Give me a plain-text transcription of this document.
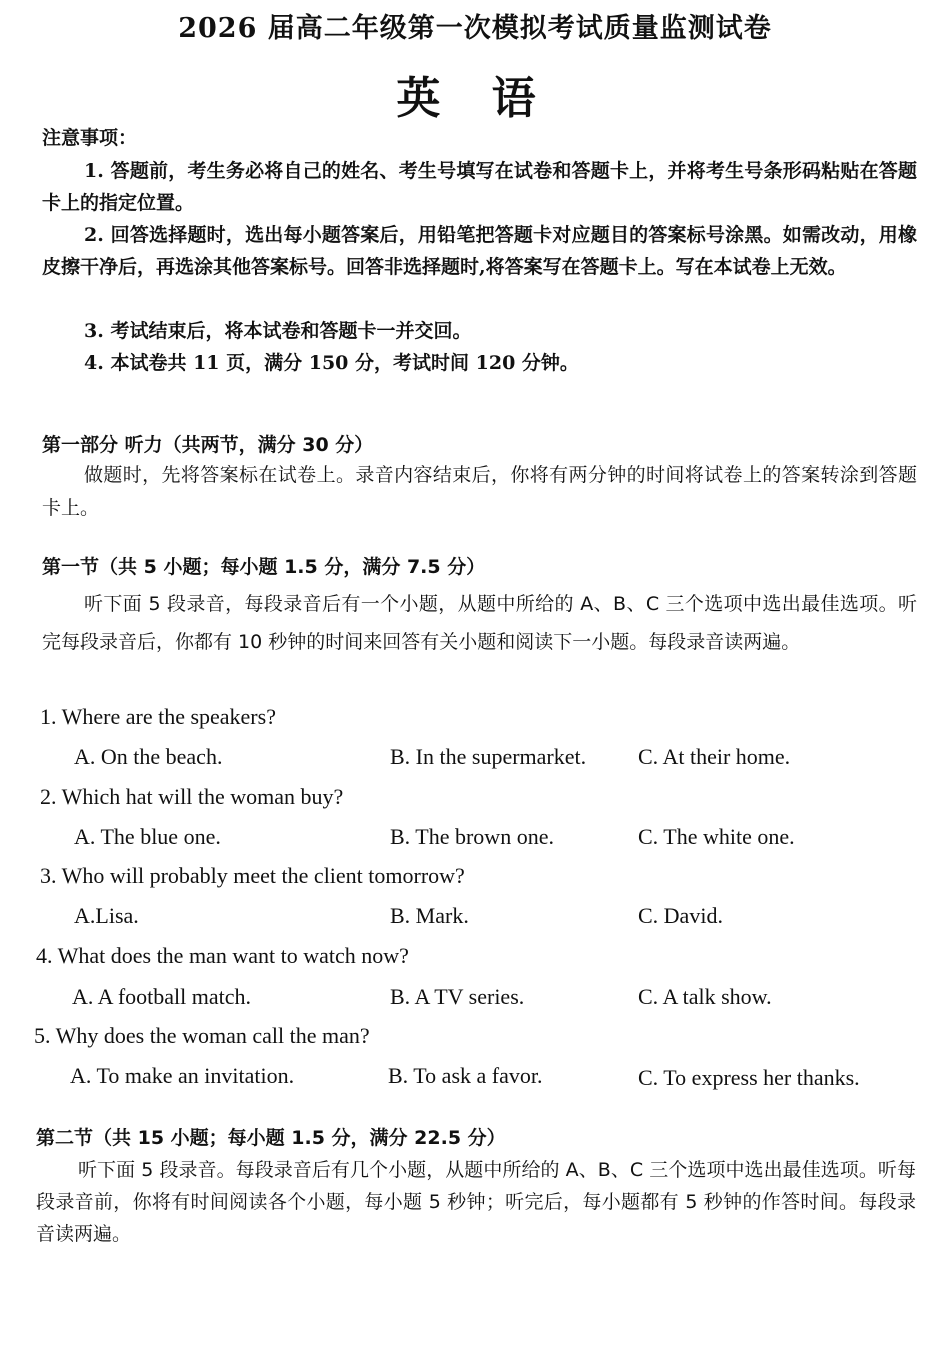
2026 届高二年级第一次模拟考试质量监测试卷
英 语
注意事项：
1. 答题前，考生务必将自己的姓名、考生号填写在试卷和答题卡上，并将考生号条形码粘贴在答题卡上的指定位置。
2. 回答选择题时，选出每小题答案后，用铅笔把答题卡对应题目的答案标号涂黑。如需改动，用橡皮擦干净后，再选涂其他答案标号。回答非选择题时,将答案写在答题卡上。写在本试卷上无效。
3. 考试结束后，将本试卷和答题卡一并交回。
4. 本试卷共 11 页，满分 150 分，考试时间 120 分钟。
第一部分 听力（共两节，满分 30 分）
做题时，先将答案标在试卷上。录音内容结束后，你将有两分钟的时间将试卷上的答案转涂到答题卡上。
第一节（共 5 小题；每小题 1.5 分，满分 7.5 分）
听下面 5 段录音，每段录音后有一个小题，从题中所给的 A、B、C 三个选项中选出最佳选项。听完每段录音后，你都有 10 秒钟的时间来回答有关小题和阅读下一小题。每段录音读两遍。
1. Where are the speakers?
A. On the beach.	B. In the supermarket. C. At their home.
2. Which hat will the woman buy?
A. The blue one.	B. The brown one.	C. The white one.
3. Who will probably meet the client tomorrow?
A.Lisa.	B. Mark.	C. David.
4. What does the man want to watch now?
A. A football match.	B. A TV series.	C. A talk show.
5. Why does the woman call the man?
A. To make an invitation.	B. To ask a favor.	C. To express her thanks.
第二节（共 15 小题；每小题 1.5 分，满分 22.5 分）
听下面 5 段录音。每段录音后有几个小题，从题中所给的 A、B、C 三个选项中选出最佳选项。听每段录音前，你将有时间阅读各个小题，每小题 5 秒钟；听完后，每小题都有 5 秒钟的作答时间。每段录音读两遍。
